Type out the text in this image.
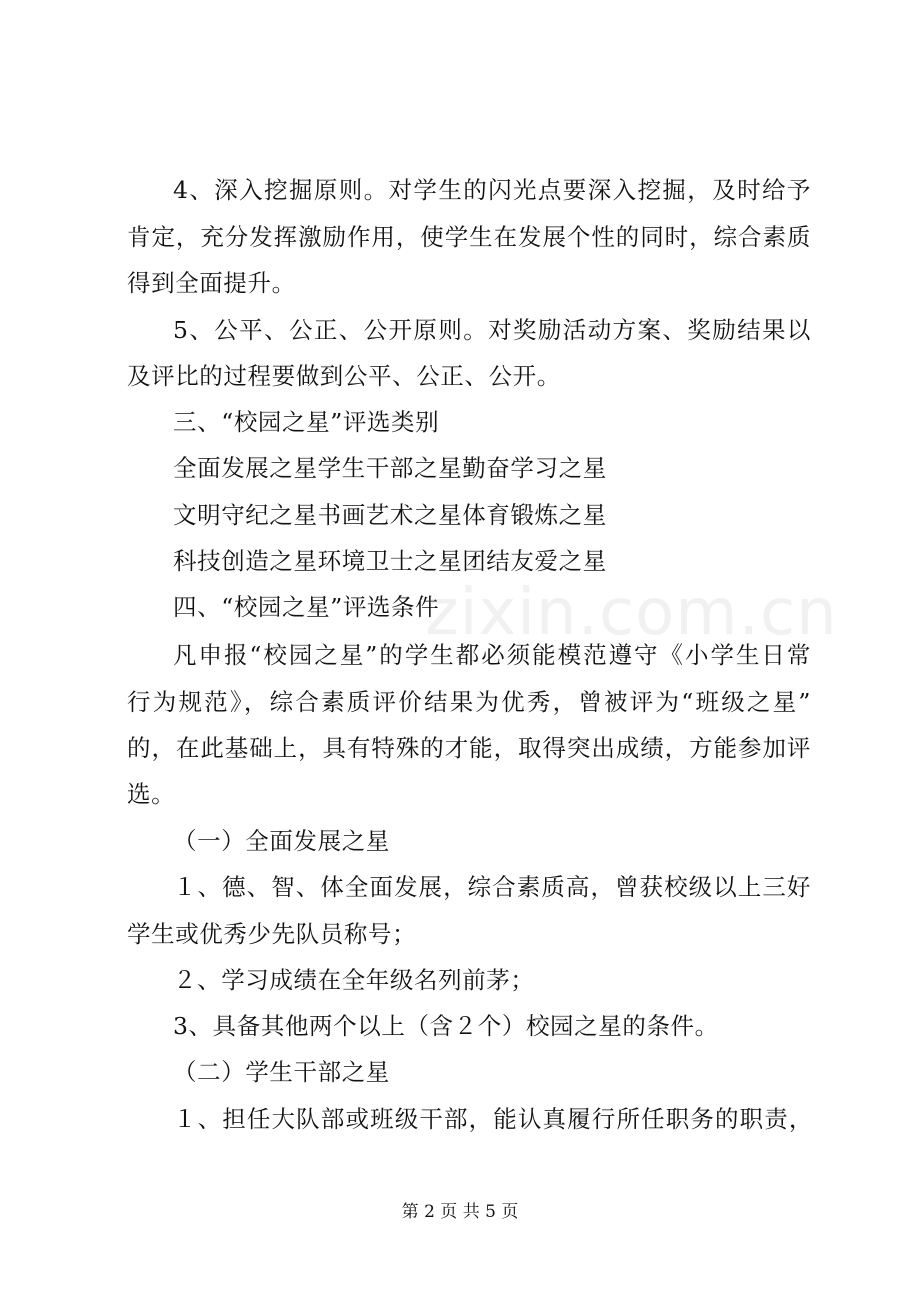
4、深入挖掘原则。对学生的闪光点要深入挖掘，及时给予
肯定，充分发挥激励作用，使学生在发展个性的同时，综合素质
得到全面提升。
5、公平、公正、公开原则。对奖励活动方案、奖励结果以
及评比的过程要做到公平、公正、公开。
三、“校园之星”评选类别
全面发展之星学生干部之星勤奋学习之星
文明守纪之星书画艺术之星体育锻炼之星
科技创造之星环境卫士之星团结友爱之星
四、“校园之星”评选条件
凡申报“校园之星”的学生都必须能模范遵守《小学生日常
行为规范》，综合素质评价结果为优秀，曾被评为“班级之星”
的，在此基础上，具有特殊的才能，取得突出成绩，方能参加评
选。
（一）全面发展之星
１、德、智、体全面发展，综合素质高，曾获校级以上三好
学生或优秀少先队员称号；
２、学习成绩在全年级名列前茅；
3、具备其他两个以上（含２个）校园之星的条件。
（二）学生干部之星
１、担任大队部或班级干部，能认真履行所任职务的职责，
zixin.com.cn
第 2 页 共 5 页
